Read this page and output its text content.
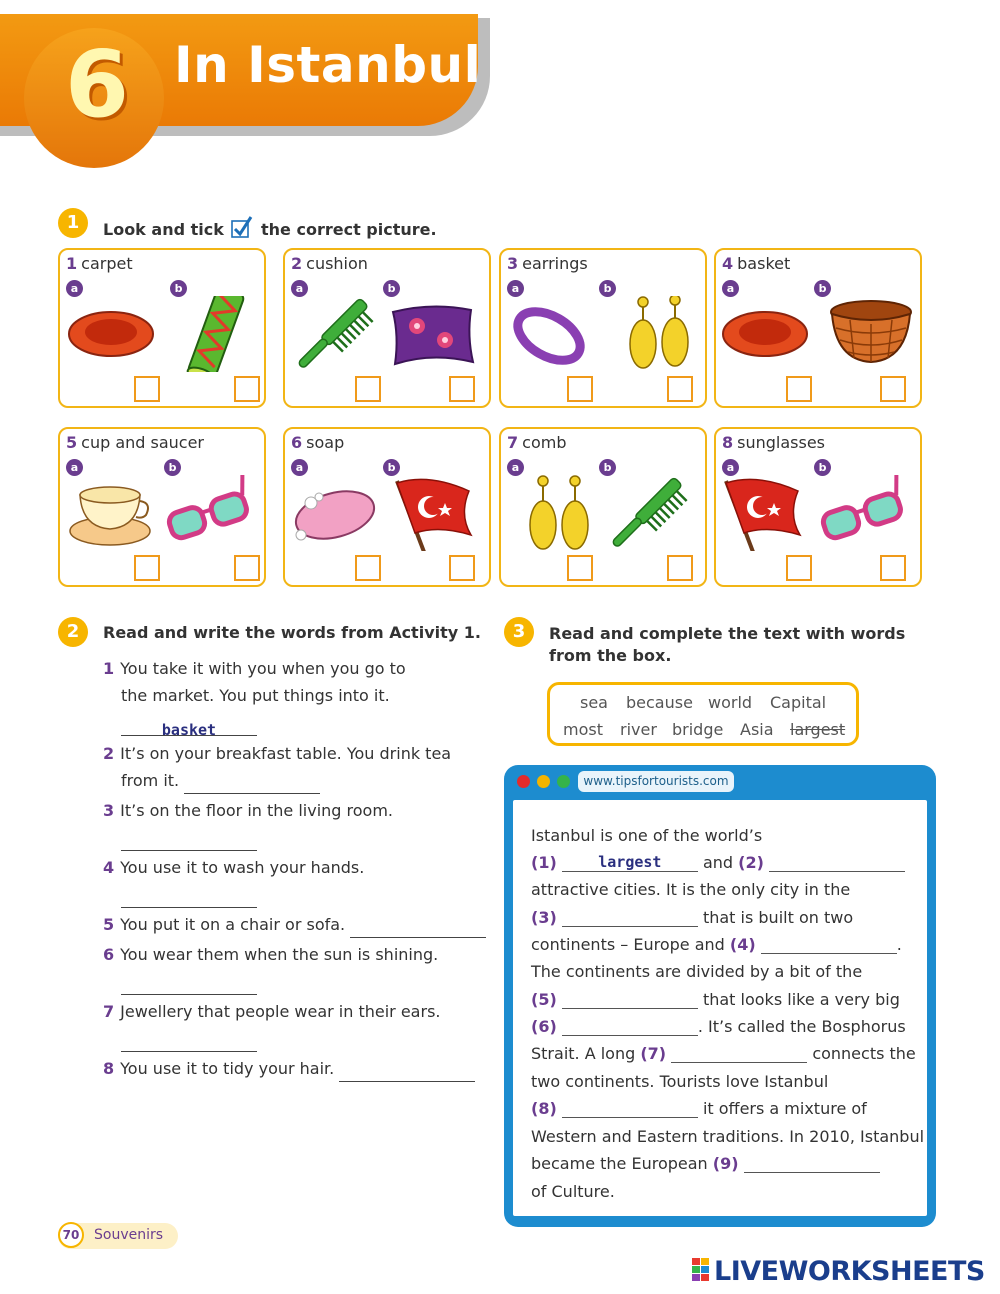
6 In Istanbul
1	Look and tick the correct picture.
1 carpet
a	b
2 cushion
a	b
3 earrings
a	b
4 basket
a	b
5 cup and saucer
a	b
6 soap
a	b
7 comb
a	b
8 sunglasses
a	b
2	Read and write the words from Activity 1.
1 You take it with you when you go to
the market. You put things into it.
basket
2 It’s on your breakfast table. You drink tea
from it.
3 It’s on the floor in the living room.
4 You use it to wash your hands.
5 You put it on a chair or sofa.
6 You wear them when the sun is shining.
7 Jewellery that people wear in their ears.
8 You use it to tidy your hair.
3	Read and complete the text with words
from the box.
sea because world Capital
most river bridge Asia largest
www.tipsfortourists.com
Istanbul is one of the world’s
(1)	largest	and (2)
attractive cities. It is the only city in the
(3)	that is built on two
continents – Europe and (4)	.
The continents are divided by a bit of the
(5)	that looks like a very big
(6)	. It’s called the Bosphorus
Strait. A long (7)	connects the
two continents. Tourists love Istanbul
(8)	it offers a mixture of
Western and Eastern traditions. In 2010, Istanbul
became the European (9)
of Culture.
70	Souvenirs
LIVEWORKSHEETS
